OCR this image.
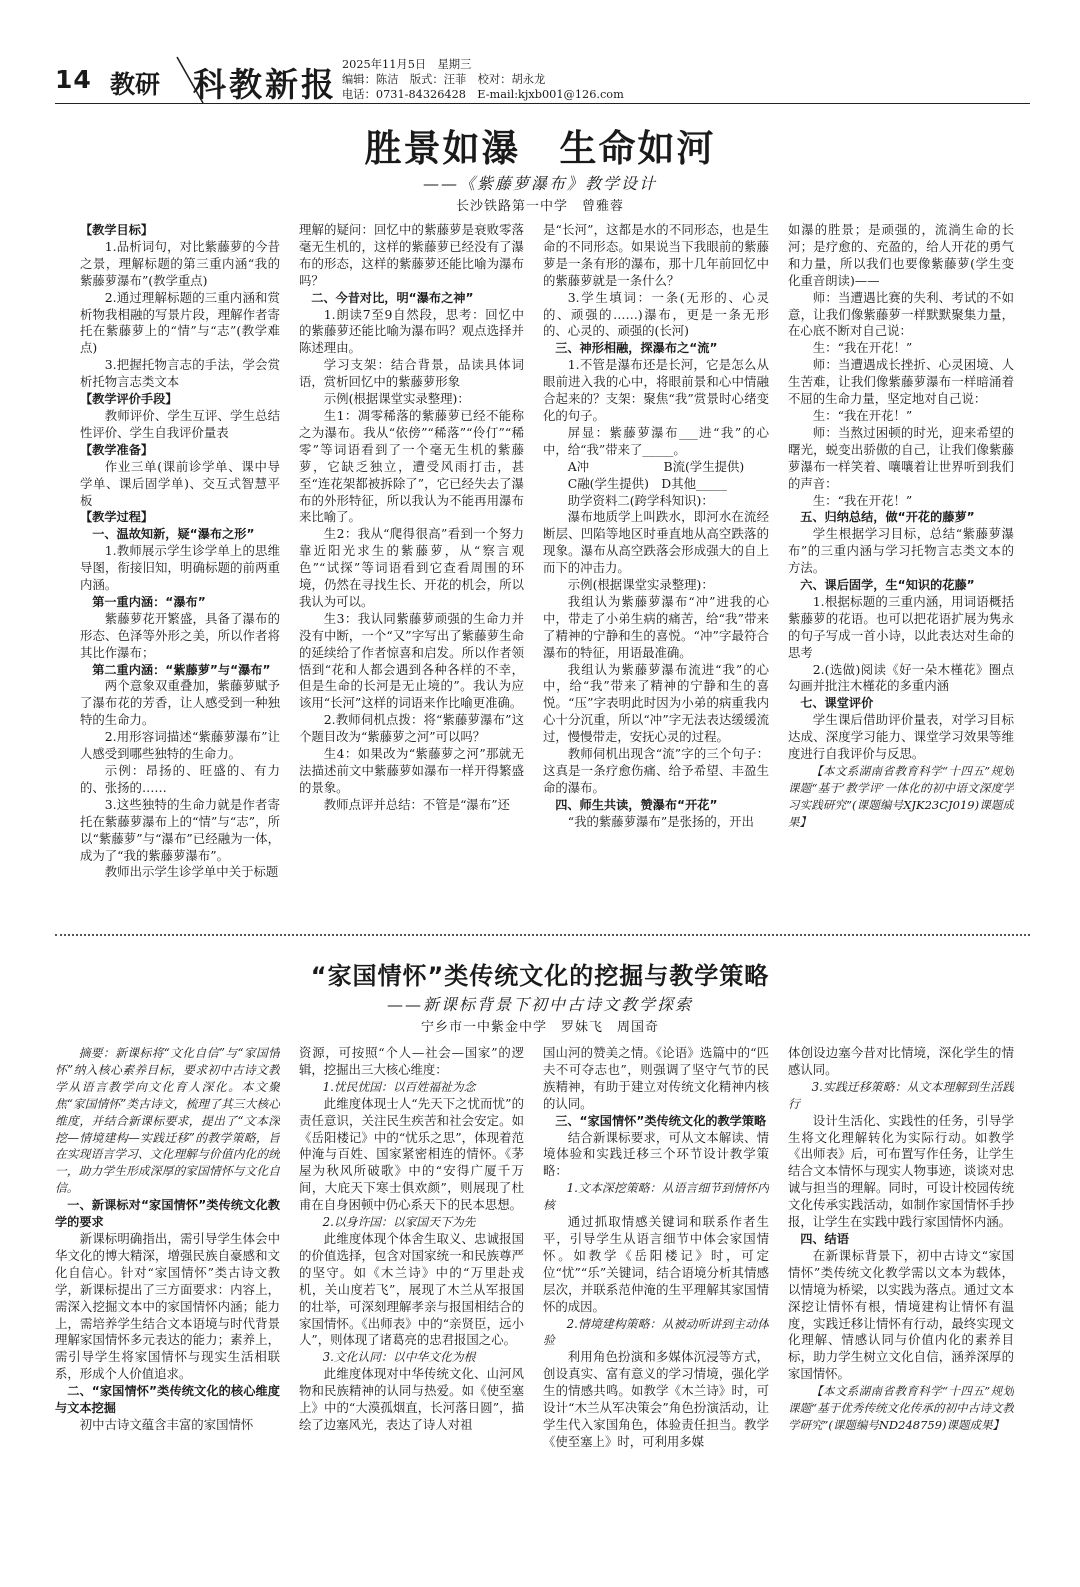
14 教研 科教新报
2025年11月5日　星期三
编辑：陈洁　版式：汪菲　校对：胡永龙
电话：0731-84326428　E-mail:kjxb001@126.com
胜景如瀑　生命如河
——《紫藤萝瀑布》教学设计
长沙铁路第一中学　曾雅蓉

【教学目标】

1.品析词句，对比紫藤萝的今昔之景，理解标题的第三重内涵“我的紫藤萝瀑布”(教学重点)

2.通过理解标题的三重内涵和赏析物我相融的写景片段，理解作者寄托在紫藤萝上的“情”与“志”(教学难点)

3.把握托物言志的手法，学会赏析托物言志类文本

【教学评价手段】

教师评价、学生互评、学生总结性评价、学生自我评价量表

【教学准备】

作业三单(课前诊学单、课中导学单、课后固学单)、交互式智慧平板

【教学过程】

一、温故知新，疑“瀑布之形”

1.教师展示学生诊学单上的思维导图，衔接旧知，明确标题的前两重内涵。

第一重内涵：“瀑布”

紫藤萝花开繁盛，具备了瀑布的形态、色泽等外形之美，所以作者将其比作瀑布；

第二重内涵：“紫藤萝”与“瀑布”

两个意象双重叠加，紫藤萝赋予了瀑布花的芳香，让人感受到一种独特的生命力。

2.用形容词描述“紫藤萝瀑布”让人感受到哪些独特的生命力。

示例：昂扬的、旺盛的、有力的、张扬的……

3.这些独特的生命力就是作者寄托在紫藤萝瀑布上的“情”与“志”，所以“紫藤萝”与“瀑布”已经融为一体，成为了“我的紫藤萝瀑布”。

教师出示学生诊学单中关于标题

理解的疑问：回忆中的紫藤萝是衰败零落毫无生机的，这样的紫藤萝已经没有了瀑布的形态，这样的紫藤萝还能比喻为瀑布吗？

二、今昔对比，明“瀑布之神”

1.朗读7至9自然段，思考：回忆中的紫藤萝还能比喻为瀑布吗？观点选择并陈述理由。

学习支架：结合背景，品读具体词语，赏析回忆中的紫藤萝形象

示例(根据课堂实录整理)：

生1：凋零稀落的紫藤萝已经不能称之为瀑布。我从“依傍”“稀落”“伶仃”“稀零”等词语看到了一个毫无生机的紫藤萝，它缺乏独立，遭受风雨打击，甚至“连花架都被拆除了”，它已经失去了瀑布的外形特征，所以我认为不能再用瀑布来比喻了。

生2：我从“爬得很高”看到一个努力靠近阳光求生的紫藤萝，从“察言观色”“试探”等词语看到它查看周围的环境，仍然在寻找生长、开花的机会，所以我认为可以。

生3：我认同紫藤萝顽强的生命力并没有中断，一个“又”字写出了紫藤萝生命的延续给了作者惊喜和启发。所以作者领悟到“花和人都会遇到各种各样的不幸，但是生命的长河是无止境的”。我认为应该用“长河”这样的词语来作比喻更准确。

2.教师伺机点拨：将“紫藤萝瀑布”这个题目改为“紫藤萝之河”可以吗？

生4：如果改为“紫藤萝之河”那就无法描述前文中紫藤萝如瀑布一样开得繁盛的景象。

教师点评并总结：不管是“瀑布”还

是“长河”，这都是水的不同形态，也是生命的不同形态。如果说当下我眼前的紫藤萝是一条有形的瀑布，那十几年前回忆中的紫藤萝就是一条什么？

3.学生填词：一条(无形的、心灵的、顽强的……)瀑布，更是一条无形的、心灵的、顽强的(长河)

三、神形相融，探瀑布之“流”

1.不管是瀑布还是长河，它是怎么从眼前进入我的心中，将眼前景和心中情融合起来的？支架：聚焦“我”赏景时心绪变化的句子。

屏显：紫藤萝瀑布___进“我”的心中，给“我”带来了_____。

A冲　　　　　　B流(学生提供)

C融(学生提供)　D其他_____

助学资料二(跨学科知识)：

瀑布地质学上叫跌水，即河水在流经断层、凹陷等地区时垂直地从高空跌落的现象。瀑布从高空跌落会形成强大的自上而下的冲击力。

示例(根据课堂实录整理)：

我组认为紫藤萝瀑布“冲”进我的心中，带走了小弟生病的痛苦，给“我”带来了精神的宁静和生的喜悦。“冲”字最符合瀑布的特征，用语最准确。

我组认为紫藤萝瀑布流进“我”的心中，给“我”带来了精神的宁静和生的喜悦。“压”字表明此时因为小弟的病重我内心十分沉重，所以“冲”字无法表达缓缓流过，慢慢带走，安抚心灵的过程。

教师伺机出现含“流”字的三个句子：这真是一条疗愈伤痛、给予希望、丰盈生命的瀑布。

四、师生共读，赞瀑布“开花”

“我的紫藤萝瀑布”是张扬的，开出

如瀑的胜景；是顽强的，流淌生命的长河；是疗愈的、充盈的，给人开花的勇气和力量，所以我们也要像紫藤萝(学生变化重音朗读)——

师：当遭遇比赛的失利、考试的不如意，让我们像紫藤萝一样默默聚集力量，在心底不断对自己说：

生：“我在开花！”

师：当遭遇成长挫折、心灵困境、人生苦难，让我们像紫藤萝瀑布一样暗涌着不屈的生命力量，坚定地对自己说：

生：“我在开花！”

师：当熬过困顿的时光，迎来希望的曙光，蜕变出骄傲的自己，让我们像紫藤萝瀑布一样笑着、嚷嚷着让世界听到我们的声音：

生：“我在开花！”

五、归纳总结，做“开花的藤萝”

学生根据学习目标，总结“紫藤萝瀑布”的三重内涵与学习托物言志类文本的方法。

六、课后固学，生“知识的花藤”

1.根据标题的三重内涵，用词语概括紫藤萝的花语。也可以把花语扩展为隽永的句子写成一首小诗，以此表达对生命的思考

2.(选做)阅读《好一朵木槿花》圈点勾画并批注木槿花的多重内涵

七、课堂评价

学生课后借助评价量表，对学习目标达成、深度学习能力、课堂学习效果等维度进行自我评价与反思。

【本文系湖南省教育科学“十四五”规划课题“基于‘教学评’一体化的初中语文深度学习实践研究”(课题编号XJK23CJ019)课题成果】

“家国情怀”类传统文化的挖掘与教学策略
——新课标背景下初中古诗文教学探索
宁乡市一中紫金中学　罗妹飞　周国奇

摘要：新课标将“文化自信”与“家国情怀”纳入核心素养目标，要求初中古诗文教学从语言教学向文化育人深化。本文聚焦“家国情怀”类古诗文，梳理了其三大核心维度，并结合新课标要求，提出了“文本深挖—情境建构—实践迁移”的教学策略，旨在实现语言学习、文化理解与价值内化的统一，助力学生形成深厚的家国情怀与文化自信。

一、新课标对“家国情怀”类传统文化教学的要求

新课标明确指出，需引导学生体会中华文化的博大精深，增强民族自豪感和文化自信心。针对“家国情怀”类古诗文教学，新课标提出了三方面要求：内容上，需深入挖掘文本中的家国情怀内涵；能力上，需培养学生结合文本语境与时代背景理解家国情怀多元表达的能力；素养上，需引导学生将家国情怀与现实生活相联系，形成个人价值追求。

二、“家国情怀”类传统文化的核心维度与文本挖掘

初中古诗文蕴含丰富的家国情怀

资源，可按照“个人—社会—国家”的逻辑，挖掘出三大核心维度：

1.忧民忧国：以百姓福祉为念

此维度体现士人“先天下之忧而忧”的责任意识，关注民生疾苦和社会安定。如《岳阳楼记》中的“忧乐之思”，体现着范仲淹与百姓、国家紧密相连的情怀。《茅屋为秋风所破歌》中的“安得广厦千万间，大庇天下寒士俱欢颜”，则展现了杜甫在自身困顿中仍心系天下的民本思想。

2.以身许国：以家国天下为先

此维度体现个体舍生取义、忠诚报国的价值选择，包含对国家统一和民族尊严的坚守。如《木兰诗》中的“万里赴戎机，关山度若飞”，展现了木兰从军报国的壮举，可深刻理解孝亲与报国相结合的家国情怀。《出师表》中的“亲贤臣，远小人”，则体现了诸葛亮的忠君报国之心。

3.文化认同：以中华文化为根

此维度体现对中华传统文化、山河风物和民族精神的认同与热爱。如《使至塞上》中的“大漠孤烟直，长河落日圆”，描绘了边塞风光，表达了诗人对祖

国山河的赞美之情。《论语》选篇中的“匹夫不可夺志也”，则强调了坚守气节的民族精神，有助于建立对传统文化精神内核的认同。

三、“家国情怀”类传统文化的教学策略

结合新课标要求，可从文本解读、情境体验和实践迁移三个环节设计教学策略：

1.文本深挖策略：从语言细节到情怀内核

通过抓取情感关键词和联系作者生平，引导学生从语言细节中体会家国情怀。如教学《岳阳楼记》时，可定位“忧”“乐”关键词，结合语境分析其情感层次，并联系范仲淹的生平理解其家国情怀的成因。

2.情境建构策略：从被动听讲到主动体验

利用角色扮演和多媒体沉浸等方式，创设真实、富有意义的学习情境，强化学生的情感共鸣。如教学《木兰诗》时，可设计“木兰从军决策会”角色扮演活动，让学生代入家国角色，体验责任担当。教学《使至塞上》时，可利用多媒

体创设边塞今昔对比情境，深化学生的情感认同。

3.实践迁移策略：从文本理解到生活践行

设计生活化、实践性的任务，引导学生将文化理解转化为实际行动。如教学《出师表》后，可布置写作任务，让学生结合文本情怀与现实人物事迹，谈谈对忠诚与担当的理解。同时，可设计校园传统文化传承实践活动，如制作家国情怀手抄报，让学生在实践中践行家国情怀内涵。

四、结语

在新课标背景下，初中古诗文“家国情怀”类传统文化教学需以文本为载体，以情境为桥梁，以实践为落点。通过文本深挖让情怀有根，情境建构让情怀有温度，实践迁移让情怀有行动，最终实现文化理解、情感认同与价值内化的素养目标，助力学生树立文化自信，涵养深厚的家国情怀。

【本文系湖南省教育科学“十四五”规划课题“基于优秀传统文化传承的初中古诗文教学研究”(课题编号ND248759)课题成果】
